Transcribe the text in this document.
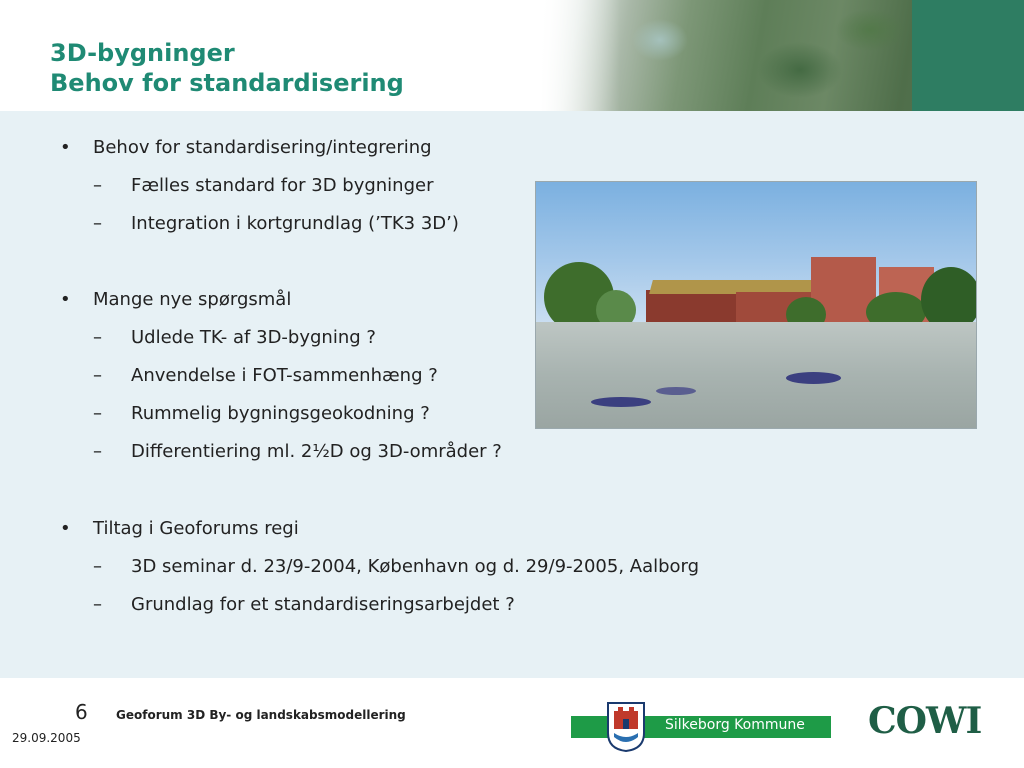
3D-bygninger
Behov for standardisering
• Behov for standardisering/integrering
– Fælles standard for 3D bygninger
– Integration i kortgrundlag (’TK3 3D’)
• Mange nye spørgsmål
– Udlede TK- af 3D-bygning ?
– Anvendelse i FOT-sammenhæng ?
– Rummelig bygningsgeokodning ?
– Differentiering ml. 2½D og 3D-områder ?
• Tiltag i Geoforums regi
– 3D seminar d. 23/9-2004, København og d. 29/9-2005, Aalborg
– Grundlag for et standardiseringsarbejdet ?
6
29.09.2005
Geoforum 3D By- og landskabsmodellering
Silkeborg Kommune COWI
